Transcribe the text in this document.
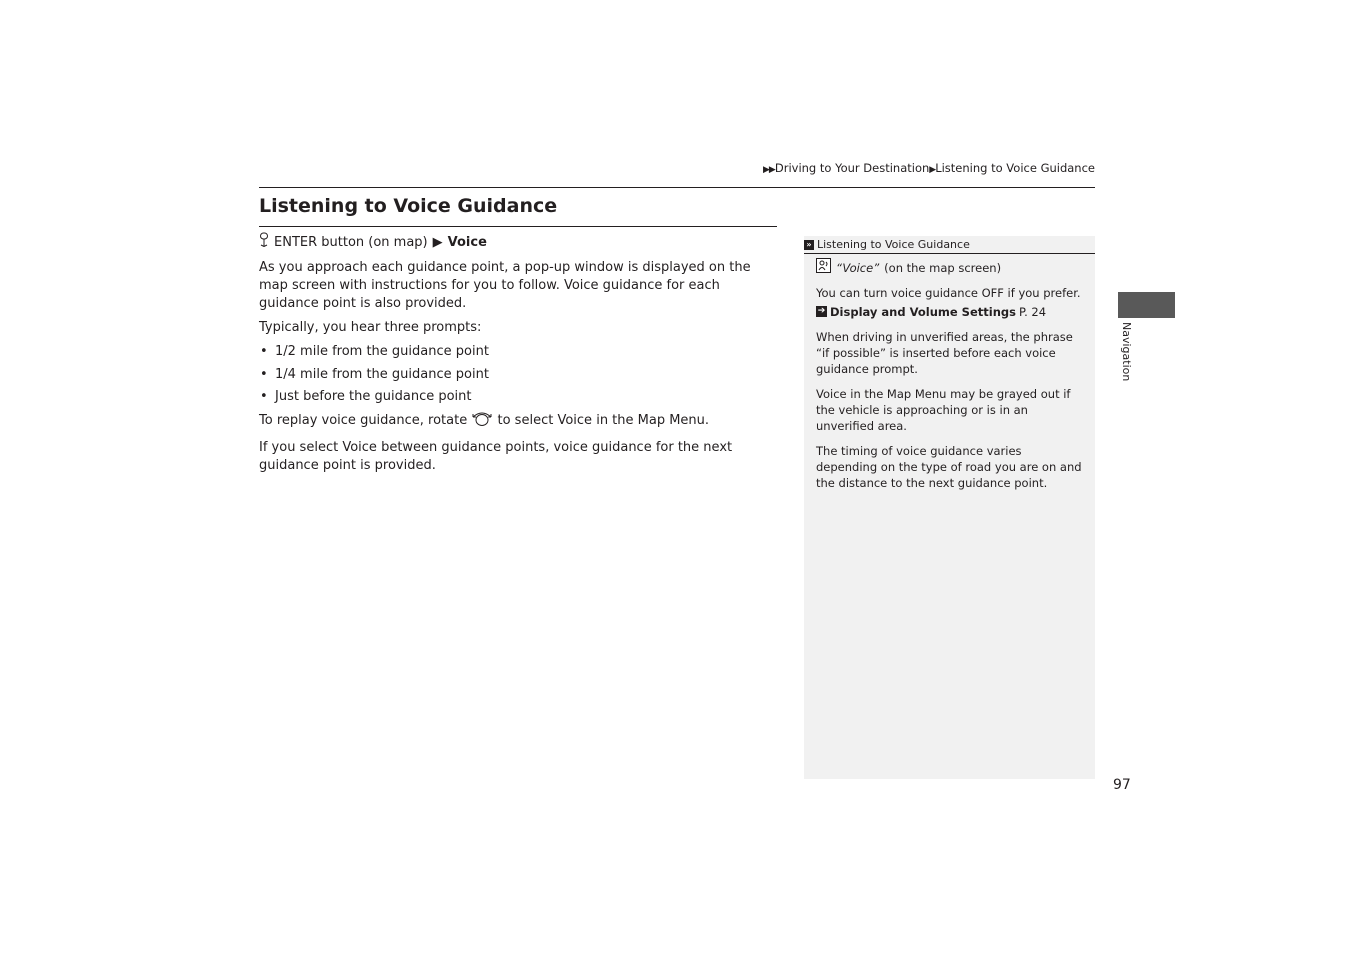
▶▶Driving to Your Destination▶Listening to Voice Guidance
Listening to Voice Guidance
ENTER button (on map) ▶ Voice

As you approach each guidance point, a pop-up window is displayed on the map screen with instructions for you to follow. Voice guidance for each guidance point is also provided.

Typically, you hear three prompts:

• 1/2 mile from the guidance point
• 1/4 mile from the guidance point
• Just before the guidance point

To replay voice guidance, rotate to select Voice in the Map Menu.

If you select Voice between guidance points, voice guidance for the next guidance point is provided.

» Listening to Voice Guidance

“Voice” (on the map screen)

You can turn voice guidance OFF if you prefer.

➔ Display and Volume Settings P. 24

When driving in unverified areas, the phrase “if possible” is inserted before each voice guidance prompt.

Voice in the Map Menu may be grayed out if the vehicle is approaching or is in an unverified area.

The timing of voice guidance varies depending on the type of road you are on and the distance to the next guidance point.

Navigation
97
